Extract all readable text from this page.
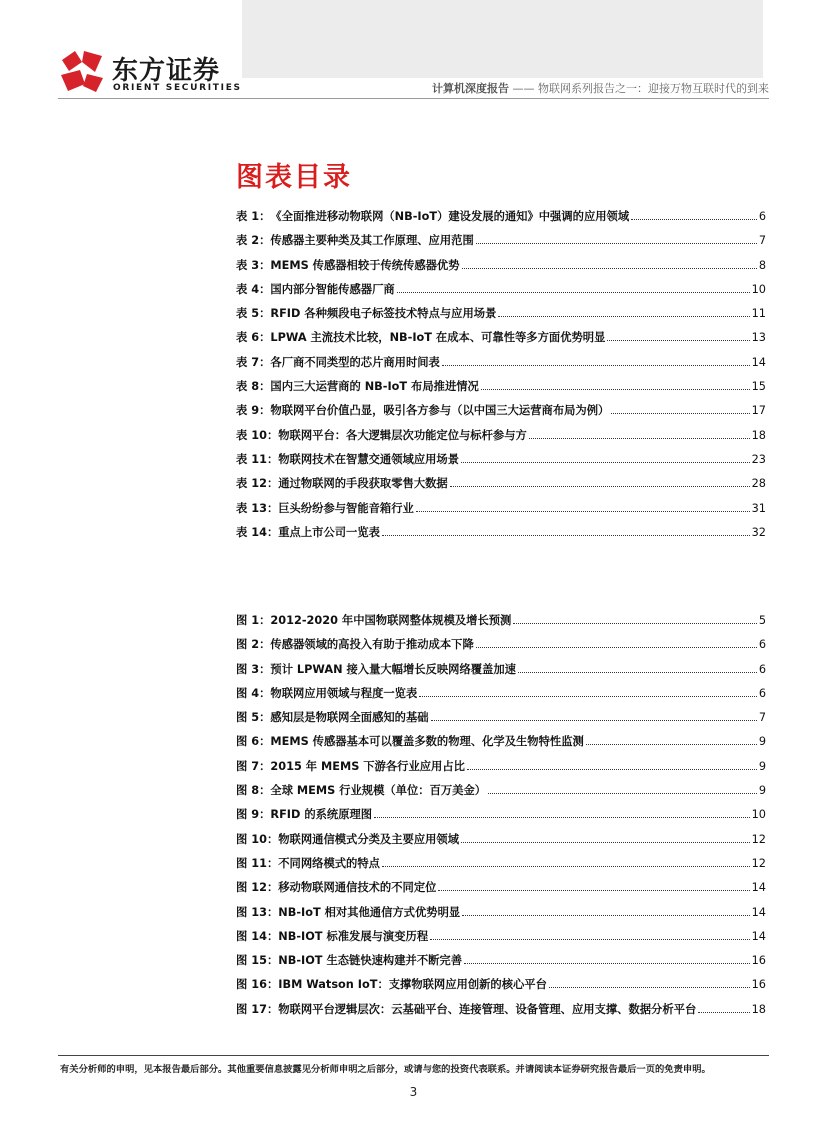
东方证券
ORIENT SECURITIES	计算机深度报告 —— 物联网系列报告之一：迎接万物互联时代的到来
图表目录
表 1： 《全面推进移动物联网（NB-IoT）建设发展的通知》中强调的应用领域	6
表 2： 传感器主要种类及其工作原理、应用范围	7
表 3： MEMS 传感器相较于传统传感器优势	8
表 4： 国内部分智能传感器厂商	10
表 5： RFID 各种频段电子标签技术特点与应用场景	11
表 6： LPWA 主流技术比较，NB-IoT 在成本、可靠性等多方面优势明显	13
表 7： 各厂商不同类型的芯片商用时间表	14
表 8： 国内三大运营商的 NB-IoT 布局推进情况	15
表 9： 物联网平台价值凸显，吸引各方参与（以中国三大运营商布局为例）	17
表 10： 物联网平台：各大逻辑层次功能定位与标杆参与方	18
表 11： 物联网技术在智慧交通领域应用场景	23
表 12： 通过物联网的手段获取零售大数据	28
表 13： 巨头纷纷参与智能音箱行业	31
表 14： 重点上市公司一览表	32
图 1： 2012-2020 年中国物联网整体规模及增长预测	5
图 2： 传感器领域的高投入有助于推动成本下降	6
图 3： 预计 LPWAN 接入量大幅增长反映网络覆盖加速	6
图 4： 物联网应用领域与程度一览表	6
图 5： 感知层是物联网全面感知的基础	7
图 6： MEMS 传感器基本可以覆盖多数的物理、化学及生物特性监测	9
图 7： 2015 年 MEMS 下游各行业应用占比	9
图 8： 全球 MEMS 行业规模（单位：百万美金）	9
图 9： RFID 的系统原理图	10
图 10： 物联网通信模式分类及主要应用领域	12
图 11： 不同网络模式的特点	12
图 12： 移动物联网通信技术的不同定位	14
图 13： NB-IoT 相对其他通信方式优势明显	14
图 14： NB-IOT 标准发展与演变历程	14
图 15： NB-IOT 生态链快速构建并不断完善	16
图 16： IBM Watson IoT：支撑物联网应用创新的核心平台	16
图 17： 物联网平台逻辑层次：云基础平台、连接管理、设备管理、应用支撑、数据分析平台	18
有关分析师的申明，见本报告最后部分。其他重要信息披露见分析师申明之后部分，或请与您的投资代表联系。并请阅读本证券研究报告最后一页的免责申明。
3
